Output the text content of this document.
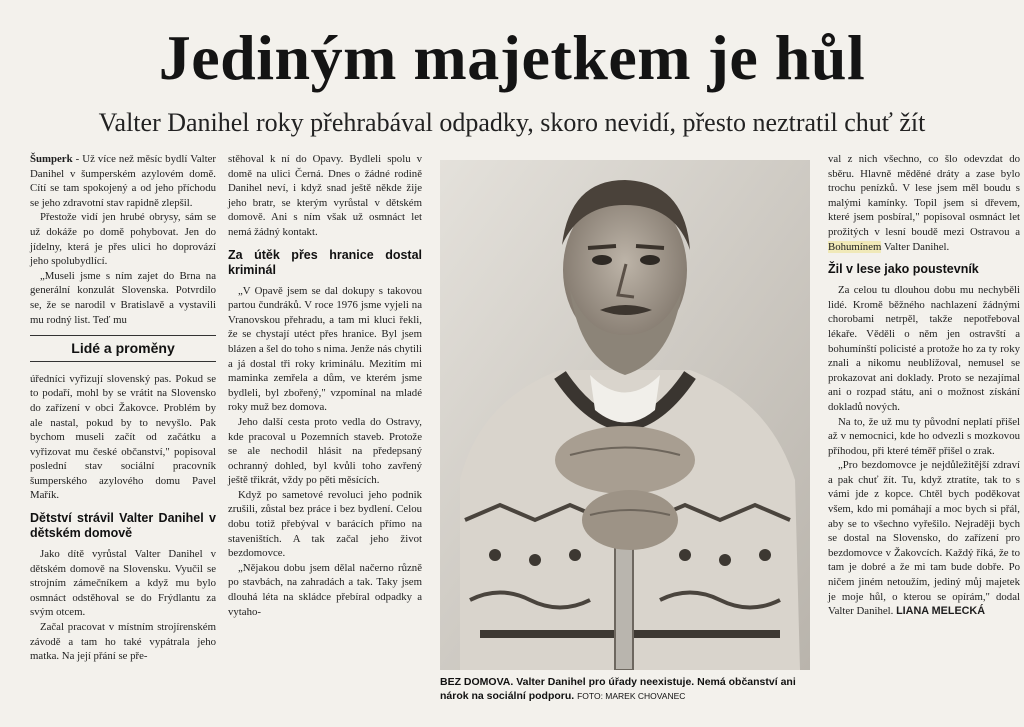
Jediným majetkem je hůl
Valter Danihel roky přehrabával odpadky, skoro nevidí, přesto neztratil chuť žít

Šumperk - Už více než měsíc bydlí Valter Danihel v šumperském azylovém domě. Cítí se tam spokojený a od jeho příchodu se jeho zdravotní stav rapidně zlepšil.

Přestože vidí jen hrubé obrysy, sám se už dokáže po domě pohybovat. Jen do jídelny, která je přes ulici ho doprovází jeho spolubydlící.

„Museli jsme s ním zajet do Brna na generální konzulát Slovenska. Potvrdilo se, že se narodil v Bratislavě a vystavili mu rodný list. Teď mu

Lidé a proměny

úředníci vyřizují slovenský pas. Pokud se to podaří, mohl by se vrátit na Slovensko do zařízení v obci Žakovce. Problém by ale nastal, pokud by to nevyšlo. Pak bychom museli začít od začátku a vyřizovat mu české občanství," popisoval poslední stav sociální pracovník šumperského azylového domu Pavel Mařík.

Dětství strávil Valter Danihel v dětském domově

Jako dítě vyrůstal Valter Danihel v dětském domově na Slovensku. Vyučil se strojním zámečníkem a když mu bylo osmnáct odstěhoval se do Frýdlantu za svým otcem.

Začal pracovat v místním strojírenském závodě a tam ho také vypátrala jeho matka. Na její přání se pře-

stěhoval k ní do Opavy. Bydleli spolu v domě na ulici Černá. Dnes o žádné rodině Danihel neví, i když snad ještě někde žije jeho bratr, se kterým vyrůstal v dětském domově. Ani s ním však už osmnáct let nemá žádný kontakt.

Za útěk přes hranice dostal kriminál

„V Opavě jsem se dal dokupy s takovou partou čundráků. V roce 1976 jsme vyjeli na Vranovskou přehradu, a tam mi kluci řekli, že se chystají utéct přes hranice. Byl jsem blázen a šel do toho s nima. Jenže nás chytili a já dostal tři roky kriminálu. Mezitím mi maminka zemřela a dům, ve kterém jsme bydleli, byl zbořený," vzpomínal na mladé roky muž bez domova.

Jeho další cesta proto vedla do Ostravy, kde pracoval u Pozemních staveb. Protože se ale nechodil hlásit na předepsaný ochranný dohled, byl kvůli toho zavřený ještě třikrát, vždy po pěti měsících.

Když po sametové revoluci jeho podnik zrušili, zůstal bez práce i bez bydlení. Celou dobu totiž přebýval v barácích přímo na staveništích. A tak začal jeho život bezdomovce.

„Nějakou dobu jsem dělal načerno různě po stavbách, na zahradách a tak. Taky jsem dlouhá léta na skládce přebíral odpadky a vytaho-

BEZ DOMOVA. Valter Danihel pro úřady neexistuje. Nemá občanství ani nárok na sociální podporu. FOTO: MAREK CHOVANEC

val z nich všechno, co šlo odevzdat do sběru. Hlavně měděné dráty a zase bylo trochu penízků. V lese jsem měl boudu s malými kamínky. Topil jsem si dřevem, které jsem posbíral," popisoval osmnáct let prožitých v lesní boudě mezi Ostravou a Bohumínem Valter Danihel.

Žil v lese jako poustevník

Za celou tu dlouhou dobu mu nechyběli lidé. Kromě běžného nachlazení žádnými chorobami netrpěl, takže nepotřeboval lékaře. Věděli o něm jen ostravští a bohumínští policisté a protože ho za ty roky znali a nikomu neublížoval, nemusel se prokazovat ani doklady. Proto se nezajímal ani o rozpad státu, ani o možnost získání dokladů nových.

Na to, že už mu ty původní neplatí přišel až v nemocnici, kde ho odvezli s mozkovou příhodou, při které téměř přišel o zrak.

„Pro bezdomovce je nejdůležitější zdraví a pak chuť žít. Tu, když ztratíte, tak to s vámi jde z kopce. Chtěl bych poděkovat všem, kdo mi pomáhají a moc bych si přál, aby se to všechno vyřešilo. Nejraději bych se dostal na Slovensko, do zařízení pro bezdomovce v Žakovcích. Každý říká, že to tam je dobré a že mi tam bude dobře. Po ničem jiném netoužím, jediný můj majetek je moje hůl, o kterou se opírám," dodal Valter Danihel. LIANA MELECKÁ
